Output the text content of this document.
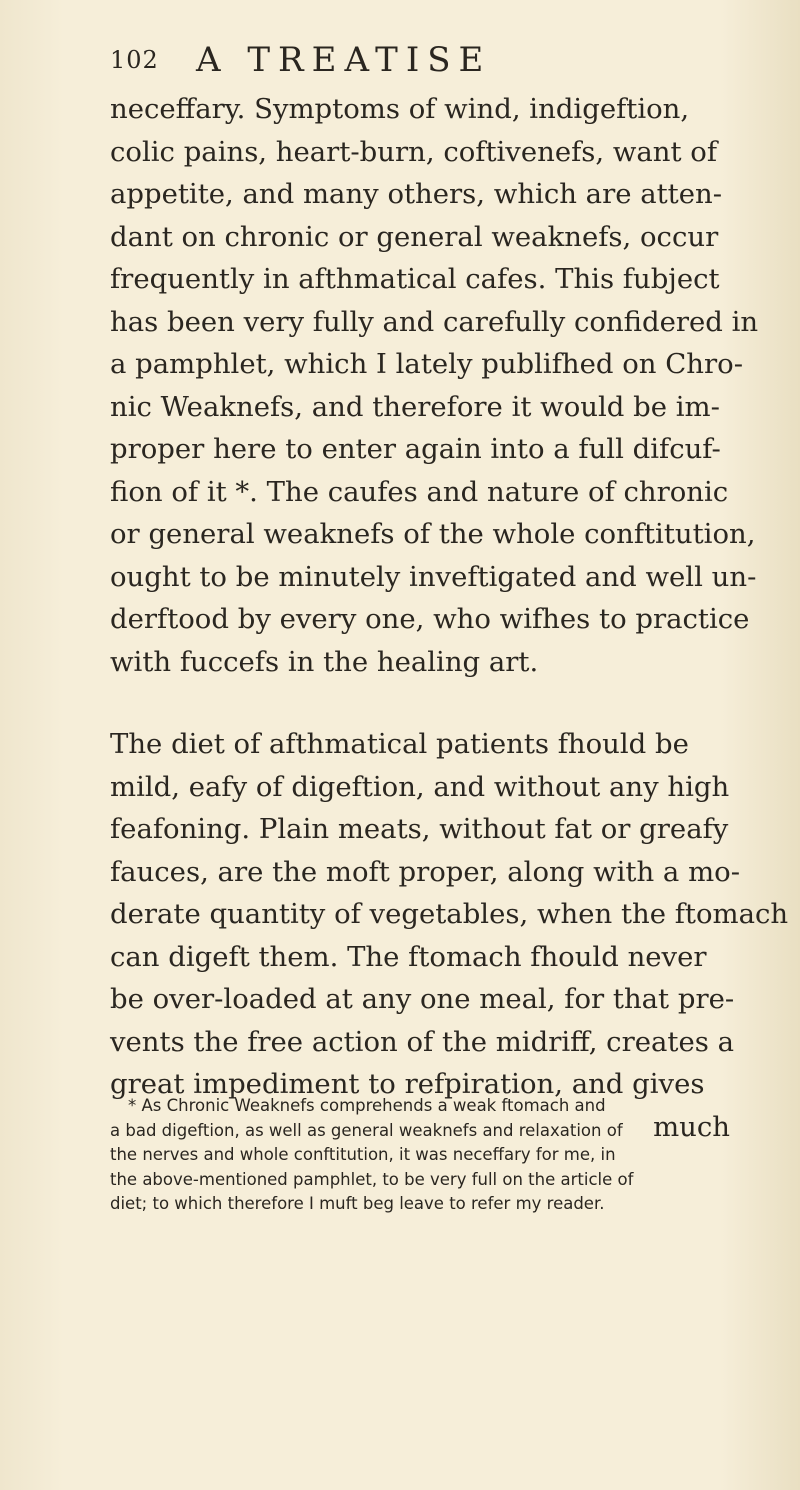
102 A TREATISE
neceffary. Symptoms of wind, indigeftion,
colic pains, heart-burn, coftivenefs, want of
appetite, and many others, which are atten-
dant on chronic or general weaknefs, occur
frequently in afthmatical cafes. This fubject
has been very fully and carefully confidered in
a pamphlet, which I lately publifhed on Chro-
nic Weaknefs, and therefore it would be im-
proper here to enter again into a full difcuf-
fion of it *. The caufes and nature of chronic
or general weaknefs of the whole conftitution,
ought to be minutely inveftigated and well un-
derftood by every one, who wifhes to practice
with fuccefs in the healing art.
The diet of afthmatical patients fhould be
mild, eafy of digeftion, and without any high
feafoning. Plain meats, without fat or greafy
fauces, are the moft proper, along with a mo-
derate quantity of vegetables, when the ftomach
can digeft them. The ftomach fhould never
be over-loaded at any one meal, for that pre-
vents the free action of the midriff, creates a
great impediment to refpiration, and gives
much
* As Chronic Weaknefs comprehends a weak ftomach and
a bad digeftion, as well as general weaknefs and relaxation of
the nerves and whole conftitution, it was neceffary for me, in
the above-mentioned pamphlet, to be very full on the article of
diet; to which therefore I muft beg leave to refer my reader.
